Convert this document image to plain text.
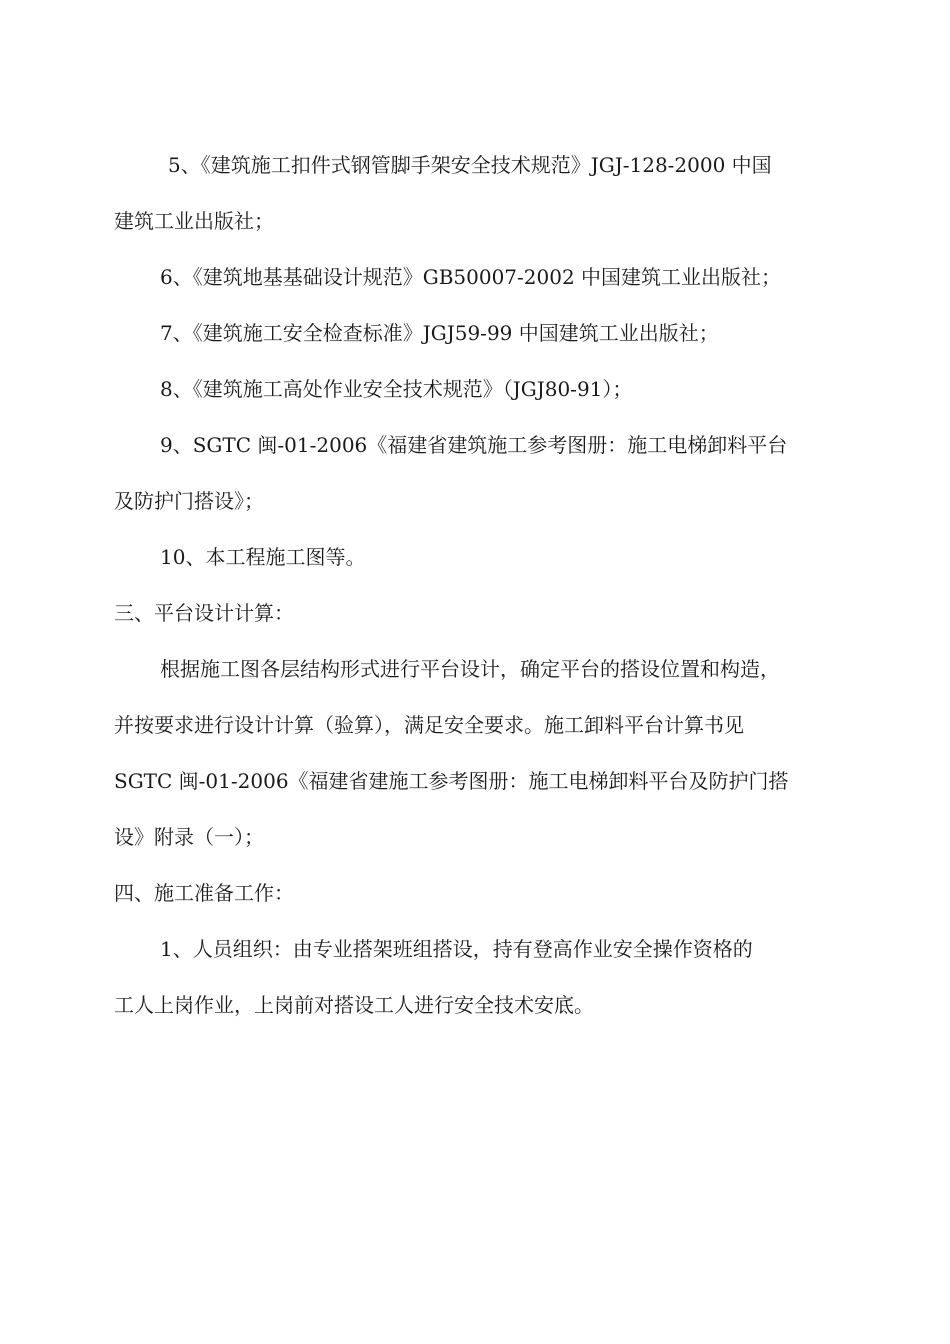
5、《建筑施工扣件式钢管脚手架安全技术规范》JGJ-128-2000 中国
建筑工业出版社；
6、《建筑地基基础设计规范》GB50007-2002 中国建筑工业出版社；
7、《建筑施工安全检查标准》JGJ59-99 中国建筑工业出版社；
8、《建筑施工高处作业安全技术规范》（JGJ80-91）；
9、SGTC 闽-01-2006《福建省建筑施工参考图册：施工电梯卸料平台
及防护门搭设》；
10、本工程施工图等。
三、平台设计计算：
根据施工图各层结构形式进行平台设计，确定平台的搭设位置和构造，
并按要求进行设计计算（验算），满足安全要求。施工卸料平台计算书见
SGTC 闽-01-2006《福建省建施工参考图册：施工电梯卸料平台及防护门搭
设》附录（一）；
四、施工准备工作：
1、人员组织：由专业搭架班组搭设，持有登高作业安全操作资格的
工人上岗作业，上岗前对搭设工人进行安全技术安底。
